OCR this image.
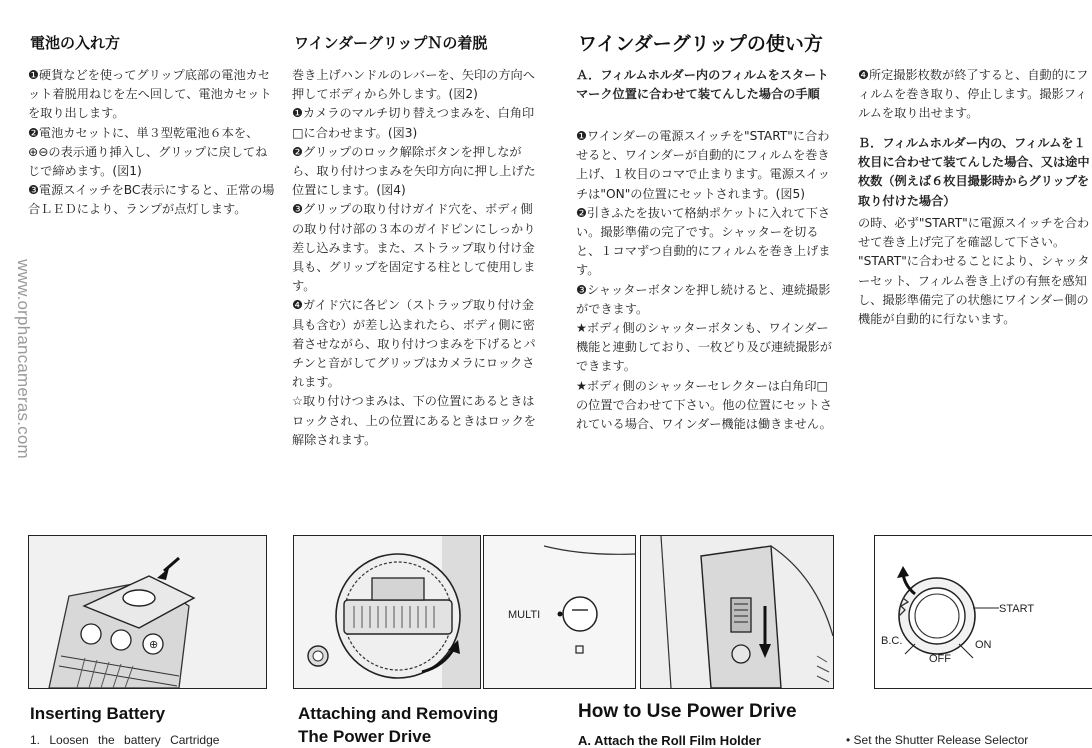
www.orphancameras.com
電池の入れ方
❶硬貨などを使ってグリップ底部の電池カセット着脱用ねじを左へ回して、電池カセットを取り出します。
❷電池カセットに、単３型乾電池６本を、⊕⊖の表示通り挿入し、グリップに戻してねじで締めます。(図1)
❸電源スイッチをBC表示にすると、正常の場合ＬＥＤにより、ランプが点灯します。
ワインダーグリップＮの着脱
巻き上げハンドルのレバーを、矢印の方向へ押してボディから外します。(図2)
❶カメラのマルチ切り替えつまみを、白角印□に合わせます。(図3)
❷グリップのロック解除ボタンを押しながら、取り付けつまみを矢印方向に押し上げた位置にします。(図4)
❸グリップの取り付けガイド穴を、ボディ側の取り付け部の３本のガイドピンにしっかり差し込みます。また、ストラップ取り付け金具も、グリップを固定する柱として使用します。
❹ガイド穴に各ピン（ストラップ取り付け金具も含む）が差し込まれたら、ボディ側に密着させながら、取り付けつまみを下げるとパチンと音がしてグリップはカメラにロックされます。
☆取り付けつまみは、下の位置にあるときはロックされ、上の位置にあるときはロックを解除されます。
ワインダーグリップの使い方
Ａ．フィルムホルダー内のフィルムをスタートマーク位置に合わせて装てんした場合の手順
❶ワインダーの電源スイッチを"START"に合わせると、ワインダーが自動的にフィルムを巻き上げ、１枚目のコマで止まります。電源スイッチは"ON"の位置にセットされます。(図5)
❷引きふたを抜いて格納ポケットに入れて下さい。撮影準備の完了です。シャッターを切ると、１コマずつ自動的にフィルムを巻き上げます。
❸シャッターボタンを押し続けると、連続撮影ができます。
★ボディ側のシャッターボタンも、ワインダー機能と連動しており、一枚どり及び連続撮影ができます。
★ボディ側のシャッターセレクターは白角印□の位置で合わせて下さい。他の位置にセットされている場合、ワインダー機能は働きません。
❹所定撮影枚数が終了すると、自動的にフィルムを巻き取り、停止します。撮影フィルムを取り出せます。
Ｂ．フィルムホルダー内の、フィルムを１枚目に合わせて装てんした場合、又は途中枚数（例えば６枚目撮影時からグリップを取り付けた場合）
の時、必ず"START"に電源スイッチを合わせて巻き上げ完了を確認して下さい。
"START"に合わせることにより、シャッターセット、フィルム巻き上げの有無を感知し、撮影準備完了の状態にワインダー側の機能が自動的に行ないます。
⊕
MULTI	START
B.C.	ON
OFF
Inserting Battery
1. Loosen the battery Cartridge
Attaching and Removing
The Power Drive
How to Use Power Drive
A. Attach the Roll Film Holder	• Set the Shutter Release Selector
